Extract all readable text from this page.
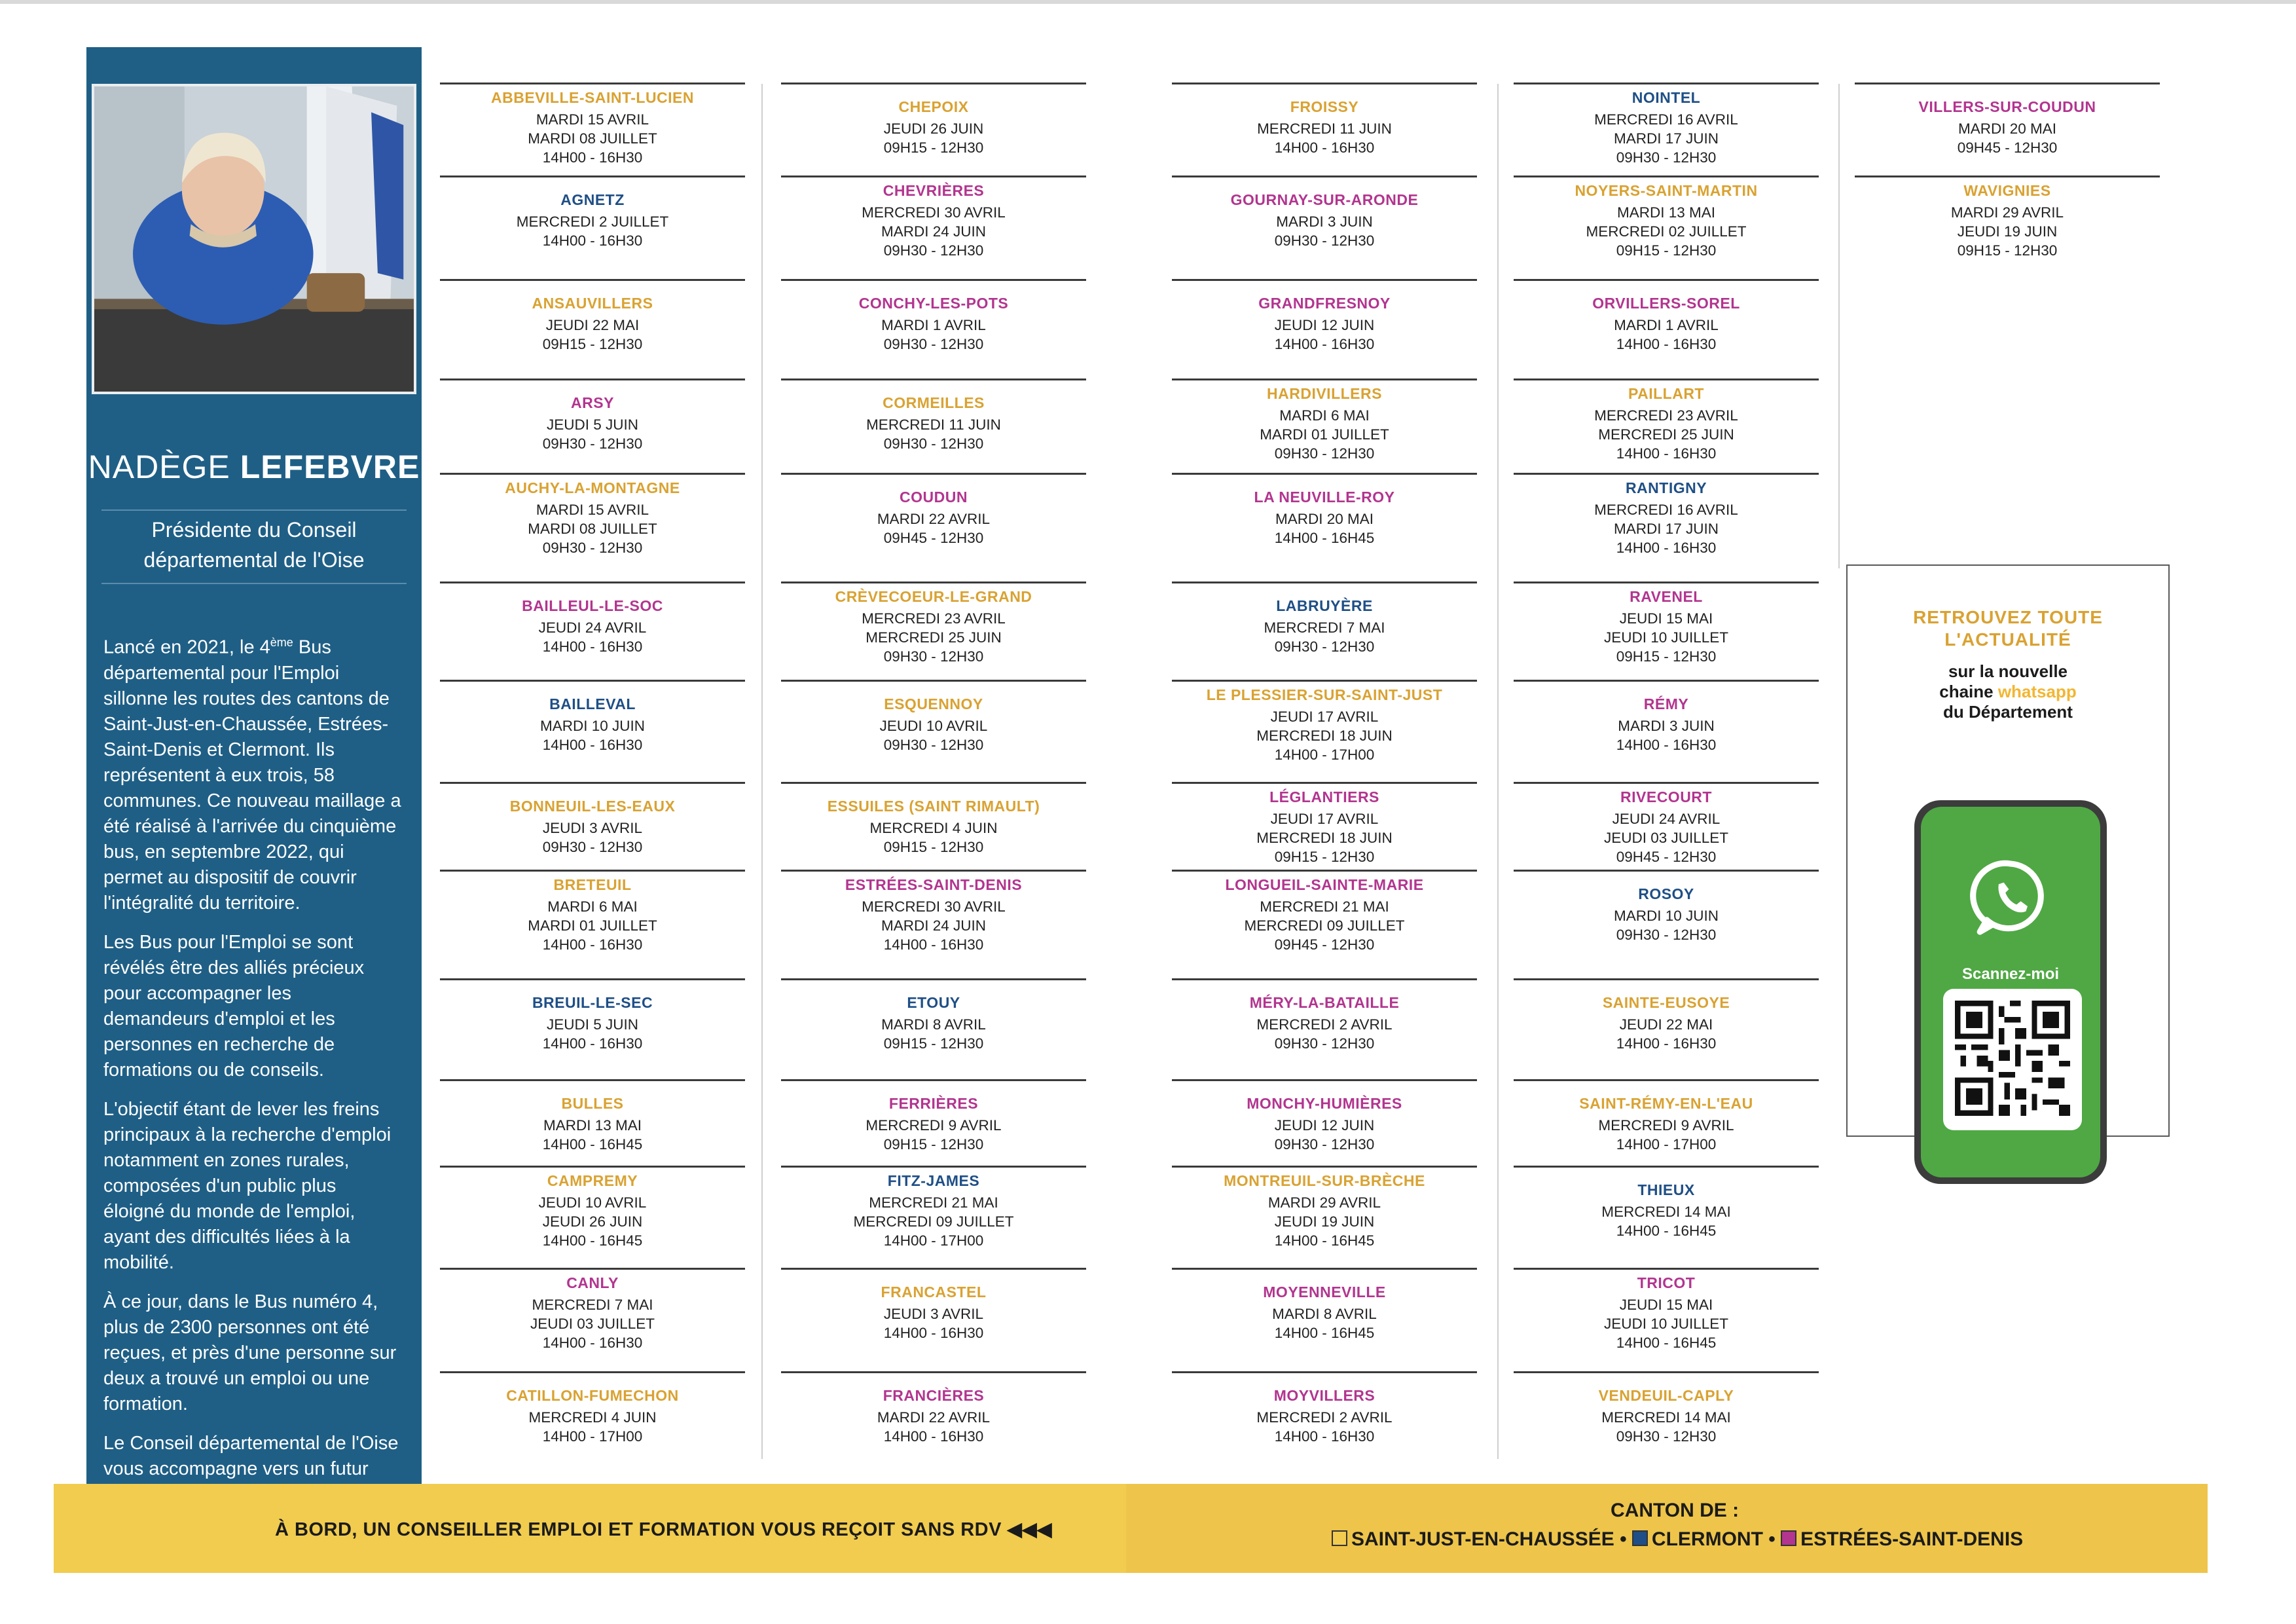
NADÈGE LEFEBVRE
Présidente du Conseil
départemental de l'Oise

Lancé en 2021, le 4ème Bus départemental pour l'Emploi sillonne les routes des cantons de Saint-Just-en-Chaussée, Estrées-Saint-Denis et Clermont. Ils représentent à eux trois, 58 communes. Ce nouveau maillage a été réalisé à l'arrivée du cinquième bus, en septembre 2022, qui permet au dispositif de couvrir l'intégralité du territoire.

Les Bus pour l'Emploi se sont révélés être des alliés précieux pour accompagner les demandeurs d'emploi et les personnes en recherche de formations ou de conseils.

L'objectif étant de lever les freins principaux à la recherche d'emploi notamment en zones rurales, composées d'un public plus éloigné du monde de l'emploi, ayant des difficultés liées à la mobilité.

À ce jour, dans le Bus numéro 4, plus de 2300 personnes ont été reçues, et près d'une personne sur deux a trouvé un emploi ou une formation.

Le Conseil départemental de l'Oise vous accompagne vers un futur

ABBEVILLE-SAINT-LUCIEN
MARDI 15 AVRIL
MARDI 08 JUILLET
14H00 - 16H30
AGNETZ
MERCREDI 2 JUILLET
14H00 - 16H30
ANSAUVILLERS
JEUDI 22 MAI
09H15 - 12H30
ARSY
JEUDI 5 JUIN
09H30 - 12H30
AUCHY-LA-MONTAGNE
MARDI 15 AVRIL
MARDI 08 JUILLET
09H30 - 12H30
BAILLEUL-LE-SOC
JEUDI 24 AVRIL
14H00 - 16H30
BAILLEVAL
MARDI 10 JUIN
14H00 - 16H30
BONNEUIL-LES-EAUX
JEUDI 3 AVRIL
09H30 - 12H30
BRETEUIL
MARDI 6 MAI
MARDI 01 JUILLET
14H00 - 16H30
BREUIL-LE-SEC
JEUDI 5 JUIN
14H00 - 16H30
BULLES
MARDI 13 MAI
14H00 - 16H45
CAMPREMY
JEUDI 10 AVRIL
JEUDI 26 JUIN
14H00 - 16H45
CANLY
MERCREDI 7 MAI
JEUDI 03 JUILLET
14H00 - 16H30
CATILLON-FUMECHON
MERCREDI 4 JUIN
14H00 - 17H00
CHEPOIX
JEUDI 26 JUIN
09H15 - 12H30
CHEVRIÈRES
MERCREDI 30 AVRIL
MARDI 24 JUIN
09H30 - 12H30
CONCHY-LES-POTS
MARDI 1 AVRIL
09H30 - 12H30
CORMEILLES
MERCREDI 11 JUIN
09H30 - 12H30
COUDUN
MARDI 22 AVRIL
09H45 - 12H30
CRÈVECOEUR-LE-GRAND
MERCREDI 23 AVRIL
MERCREDI 25 JUIN
09H30 - 12H30
ESQUENNOY
JEUDI 10 AVRIL
09H30 - 12H30
ESSUILES (SAINT RIMAULT)
MERCREDI 4 JUIN
09H15 - 12H30
ESTRÉES-SAINT-DENIS
MERCREDI 30 AVRIL
MARDI 24 JUIN
14H00 - 16H30
ETOUY
MARDI 8 AVRIL
09H15 - 12H30
FERRIÈRES
MERCREDI 9 AVRIL
09H15 - 12H30
FITZ-JAMES
MERCREDI 21 MAI
MERCREDI 09 JUILLET
14H00 - 17H00
FRANCASTEL
JEUDI 3 AVRIL
14H00 - 16H30
FRANCIÈRES
MARDI 22 AVRIL
14H00 - 16H30
FROISSY
MERCREDI 11 JUIN
14H00 - 16H30
GOURNAY-SUR-ARONDE
MARDI 3 JUIN
09H30 - 12H30
GRANDFRESNOY
JEUDI 12 JUIN
14H00 - 16H30
HARDIVILLERS
MARDI 6 MAI
MARDI 01 JUILLET
09H30 - 12H30
LA NEUVILLE-ROY
MARDI 20 MAI
14H00 - 16H45
LABRUYÈRE
MERCREDI 7 MAI
09H30 - 12H30
LE PLESSIER-SUR-SAINT-JUST
JEUDI 17 AVRIL
MERCREDI 18 JUIN
14H00 - 17H00
LÉGLANTIERS
JEUDI 17 AVRIL
MERCREDI 18 JUIN
09H15 - 12H30
LONGUEIL-SAINTE-MARIE
MERCREDI 21 MAI
MERCREDI 09 JUILLET
09H45 - 12H30
MÉRY-LA-BATAILLE
MERCREDI 2 AVRIL
09H30 - 12H30
MONCHY-HUMIÈRES
JEUDI 12 JUIN
09H30 - 12H30
MONTREUIL-SUR-BRÈCHE
MARDI 29 AVRIL
JEUDI 19 JUIN
14H00 - 16H45
MOYENNEVILLE
MARDI 8 AVRIL
14H00 - 16H45
MOYVILLERS
MERCREDI 2 AVRIL
14H00 - 16H30
NOINTEL
MERCREDI 16 AVRIL
MARDI 17 JUIN
09H30 - 12H30
NOYERS-SAINT-MARTIN
MARDI 13 MAI
MERCREDI 02 JUILLET
09H15 - 12H30
ORVILLERS-SOREL
MARDI 1 AVRIL
14H00 - 16H30
PAILLART
MERCREDI 23 AVRIL
MERCREDI 25 JUIN
14H00 - 16H30
RANTIGNY
MERCREDI 16 AVRIL
MARDI 17 JUIN
14H00 - 16H30
RAVENEL
JEUDI 15 MAI
JEUDI 10 JUILLET
09H15 - 12H30
RÉMY
MARDI 3 JUIN
14H00 - 16H30
RIVECOURT
JEUDI 24 AVRIL
JEUDI 03 JUILLET
09H45 - 12H30
ROSOY
MARDI 10 JUIN
09H30 - 12H30
SAINTE-EUSOYE
JEUDI 22 MAI
14H00 - 16H30
SAINT-RÉMY-EN-L'EAU
MERCREDI 9 AVRIL
14H00 - 17H00
THIEUX
MERCREDI 14 MAI
14H00 - 16H45
TRICOT
JEUDI 15 MAI
JEUDI 10 JUILLET
14H00 - 16H45
VENDEUIL-CAPLY
MERCREDI 14 MAI
09H30 - 12H30
VILLERS-SUR-COUDUN
MARDI 20 MAI
09H45 - 12H30
WAVIGNIES
MARDI 29 AVRIL
JEUDI 19 JUIN
09H15 - 12H30
RETROUVEZ TOUTE
L'ACTUALITÉ
sur la nouvelle
chaine whatsapp
du Département
Scannez-moi
À BORD, UN CONSEILLER EMPLOI ET FORMATION VOUS REÇOIT SANS RDV ◀◀◀
CANTON DE :
SAINT-JUST-EN-CHAUSSÉE • CLERMONT • ESTRÉES-SAINT-DENIS
